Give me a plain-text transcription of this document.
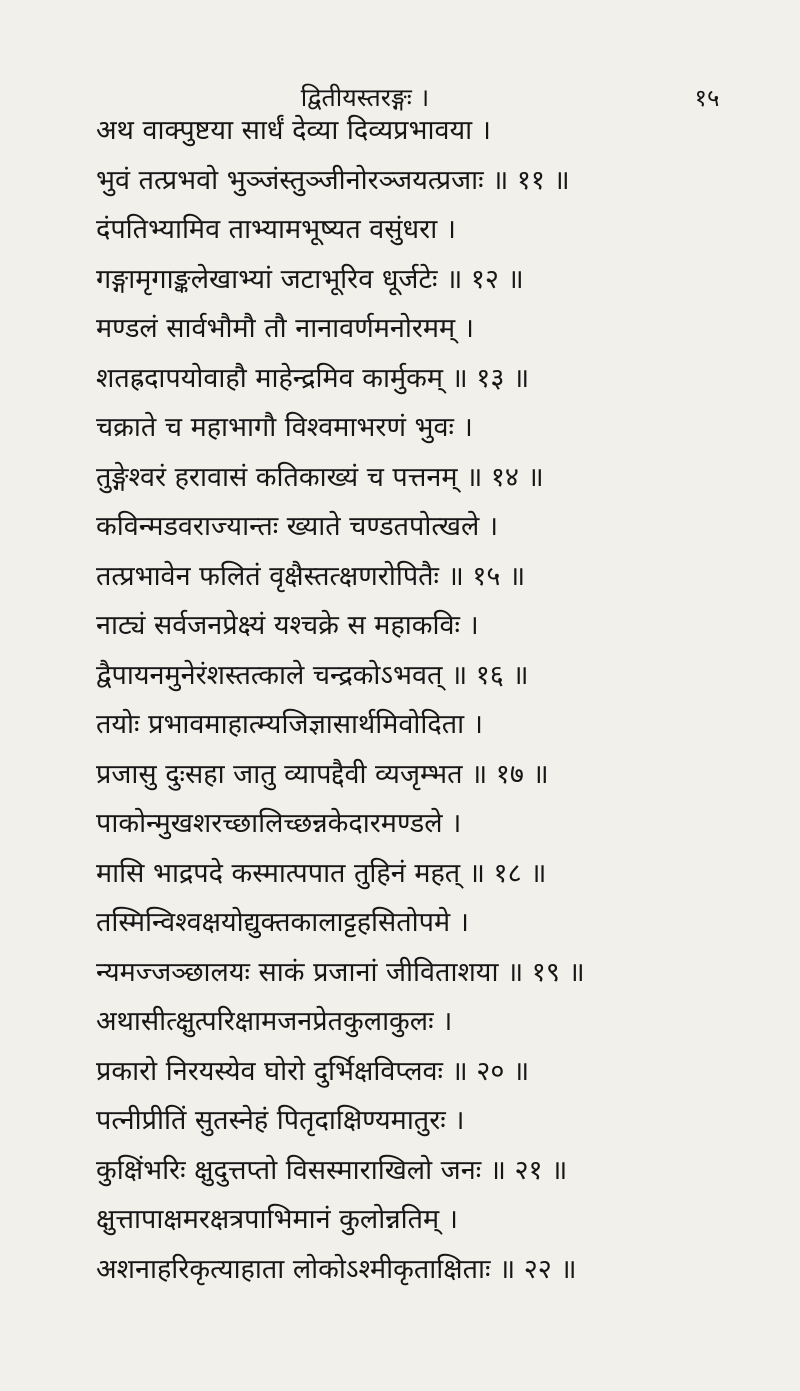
द्वितीयस्तरङ्गः ।	१५
अथ वाक्पुष्टया सार्धं देव्या दिव्यप्रभावया ।
भुवं तत्प्रभवो भुञ्जंस्तुञ्जीनोरञ्जयत्प्रजाः ॥ ११ ॥
दंपतिभ्यामिव ताभ्यामभूष्यत वसुंधरा ।
गङ्गामृगाङ्कलेखाभ्यां जटाभूरिव धूर्जटेः ॥ १२ ॥
मण्डलं सार्वभौमौ तौ नानावर्णमनोरमम् ।
शतह्रदापयोवाहौ माहेन्द्रमिव कार्मुकम् ॥ १३ ॥
चक्राते च महाभागौ विश्वमाभरणं भुवः ।
तुङ्गेश्वरं हरावासं कतिकाख्यं च पत्तनम् ॥ १४ ॥
कविन्मडवराज्यान्तः ख्याते चण्डतपोत्खले ।
तत्प्रभावेन फलितं वृक्षैस्तत्क्षणरोपितैः ॥ १५ ॥
नाट्यं सर्वजनप्रेक्ष्यं यश्चक्रे स महाकविः ।
द्वैपायनमुनेरंशस्तत्काले चन्द्रकोऽभवत् ॥ १६ ॥
तयोः प्रभावमाहात्म्यजिज्ञासार्थमिवोदिता ।
प्रजासु दुःसहा जातु व्यापद्दैवी व्यजृम्भत ॥ १७ ॥
पाकोन्मुखशरच्छालिच्छन्नकेदारमण्डले ।
मासि भाद्रपदे कस्मात्पपात तुहिनं महत् ॥ १८ ॥
तस्मिन्विश्वक्षयोद्युक्तकालाट्टहसितोपमे ।
न्यमज्जञ्छालयः साकं प्रजानां जीविताशया ॥ १९ ॥
अथासीत्क्षुत्परिक्षामजनप्रेतकुलाकुलः ।
प्रकारो निरयस्येव घोरो दुर्भिक्षविप्लवः ॥ २० ॥
पत्नीप्रीतिं सुतस्नेहं पितृदाक्षिण्यमातुरः ।
कुक्षिंभरिः क्षुदुत्तप्तो विसस्माराखिलो जनः ॥ २१ ॥
क्षुत्तापाक्षमरक्षत्रपाभिमानं कुलोन्नतिम् ।
अशनाहरिकृत्याहाता लोकोऽश्मीकृताक्षिताः ॥ २२ ॥
